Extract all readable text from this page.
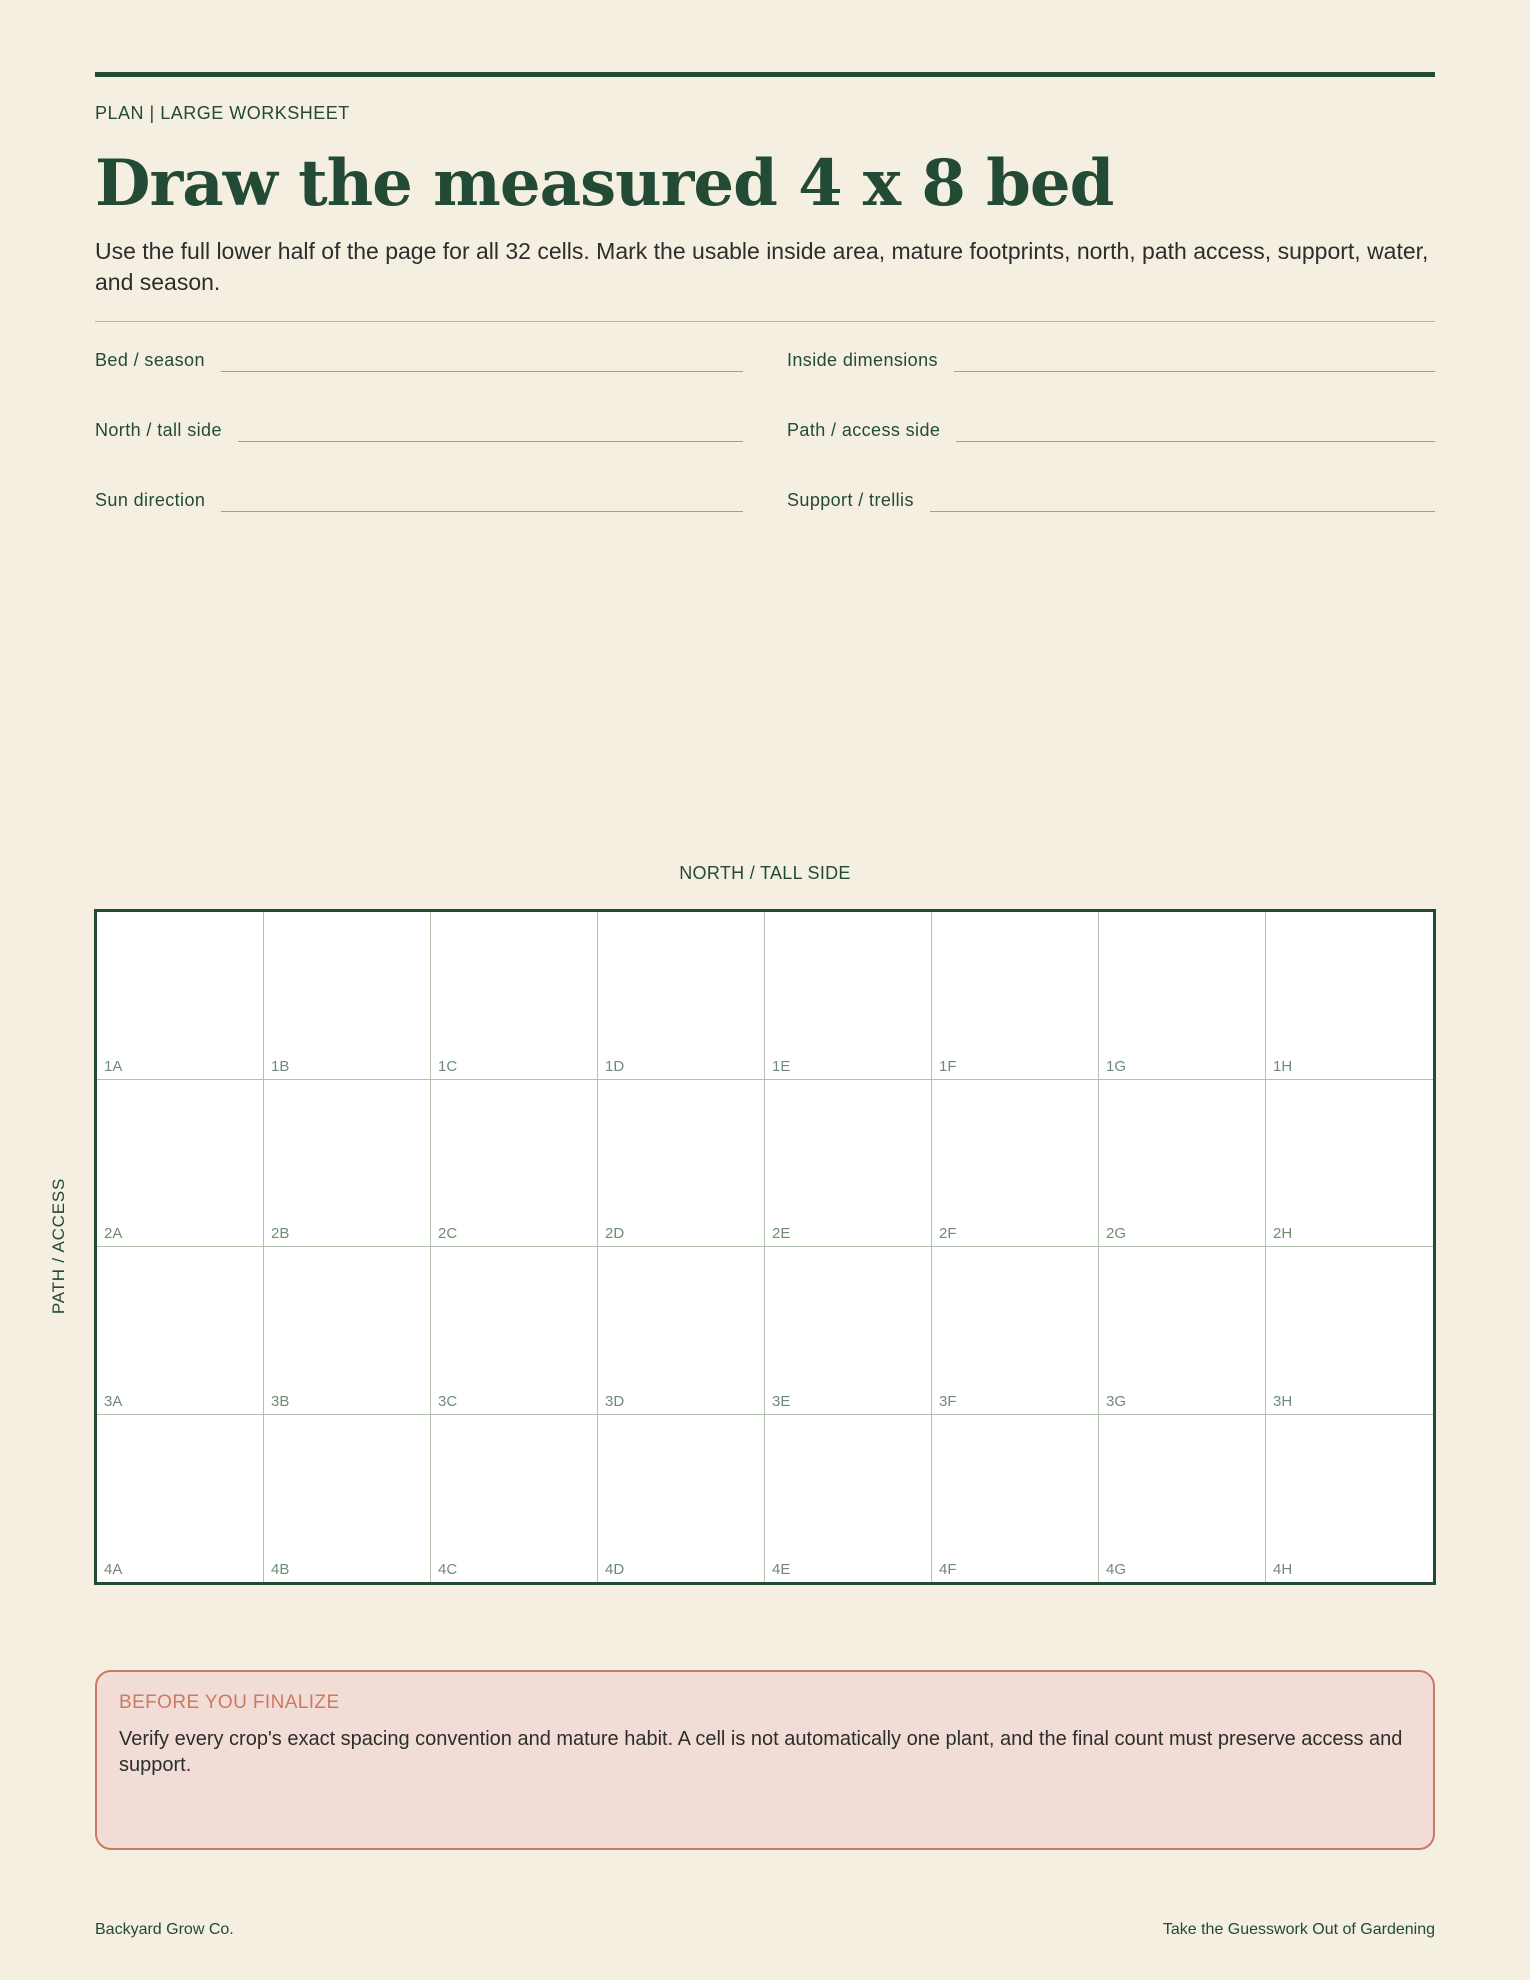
PLAN | LARGE WORKSHEET
Draw the measured 4 x 8 bed

Use the full lower half of the page for all 32 cells. Mark the usable inside area, mature footprints, north, path access, support, water, and season.

Bed / season	Inside dimensions
North / tall side	Path / access side
Sun direction	Support / trellis
NORTH / TALL SIDE
PATH / ACCESS
1A	1B	1C	1D	1E	1F	1G	1H
2A	2B	2C	2D	2E	2F	2G	2H
3A	3B	3C	3D	3E	3F	3G	3H
4A	4B	4C	4D	4E	4F	4G	4H
BEFORE YOU FINALIZE
Verify every crop's exact spacing convention and mature habit. A cell is not automatically one plant, and the final count must preserve access and support.
Backyard Grow Co.	Take the Guesswork Out of Gardening
